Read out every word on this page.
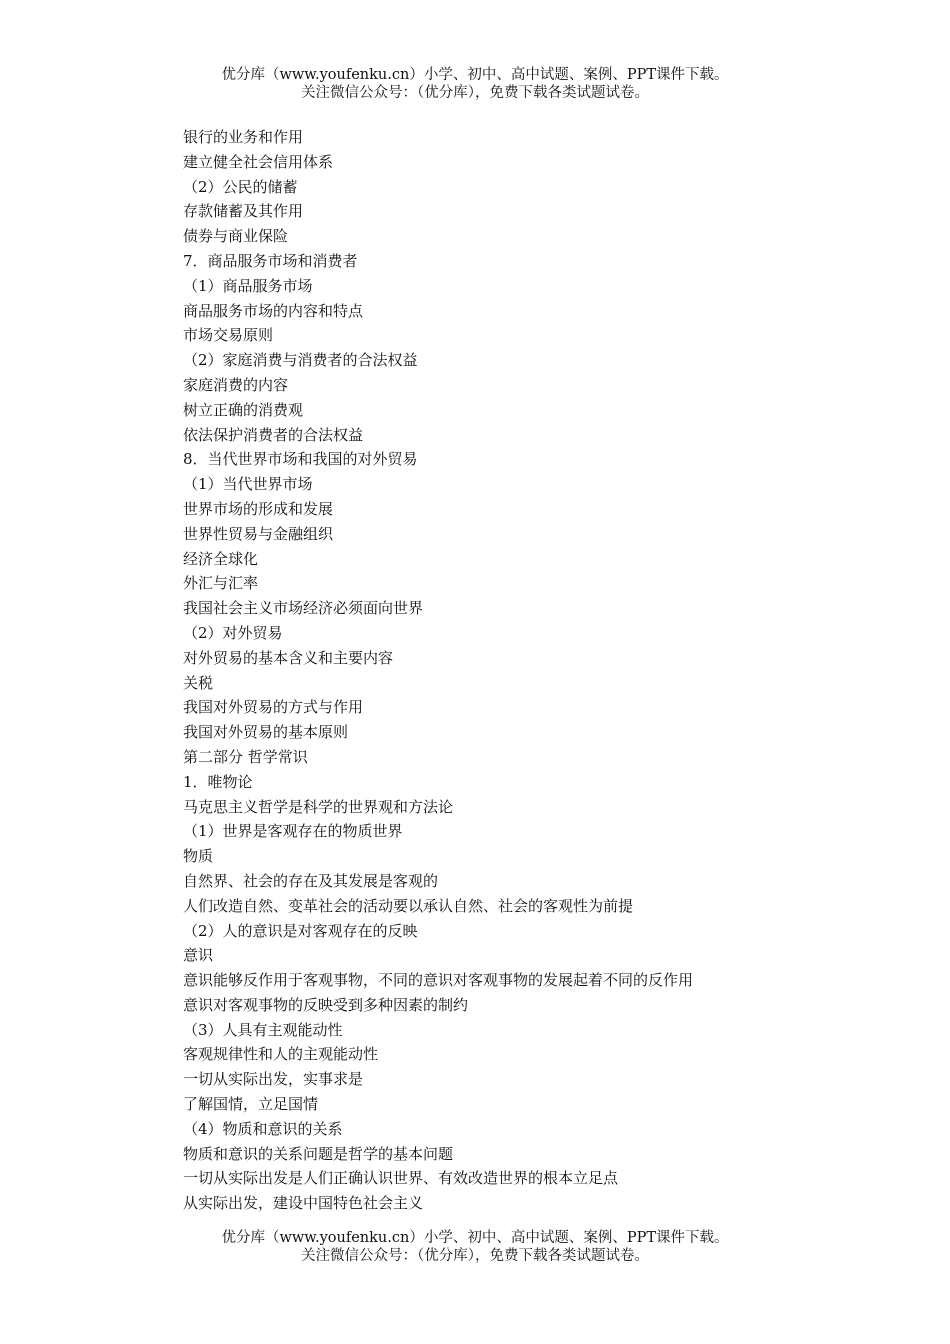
优分库（www.youfenku.cn）小学、初中、高中试题、案例、PPT课件下载。
关注微信公众号：（优分库），免费下载各类试题试卷。
银行的业务和作用
建立健全社会信用体系
（2）公民的储蓄
存款储蓄及其作用
债券与商业保险
7．商品服务市场和消费者
（1）商品服务市场
商品服务市场的内容和特点
市场交易原则
（2）家庭消费与消费者的合法权益
家庭消费的内容
树立正确的消费观
依法保护消费者的合法权益
8．当代世界市场和我国的对外贸易
（1）当代世界市场
世界市场的形成和发展
世界性贸易与金融组织
经济全球化
外汇与汇率
我国社会主义市场经济必须面向世界
（2）对外贸易
对外贸易的基本含义和主要内容
关税
我国对外贸易的方式与作用
我国对外贸易的基本原则
第二部分 哲学常识
1．唯物论
马克思主义哲学是科学的世界观和方法论
（1）世界是客观存在的物质世界
物质
自然界、社会的存在及其发展是客观的
人们改造自然、变革社会的活动要以承认自然、社会的客观性为前提
（2）人的意识是对客观存在的反映
意识
意识能够反作用于客观事物，不同的意识对客观事物的发展起着不同的反作用
意识对客观事物的反映受到多种因素的制约
（3）人具有主观能动性
客观规律性和人的主观能动性
一切从实际出发，实事求是
了解国情，立足国情
（4）物质和意识的关系
物质和意识的关系问题是哲学的基本问题
一切从实际出发是人们正确认识世界、有效改造世界的根本立足点
从实际出发，建设中国特色社会主义
优分库（www.youfenku.cn）小学、初中、高中试题、案例、PPT课件下载。
关注微信公众号：（优分库），免费下载各类试题试卷。
